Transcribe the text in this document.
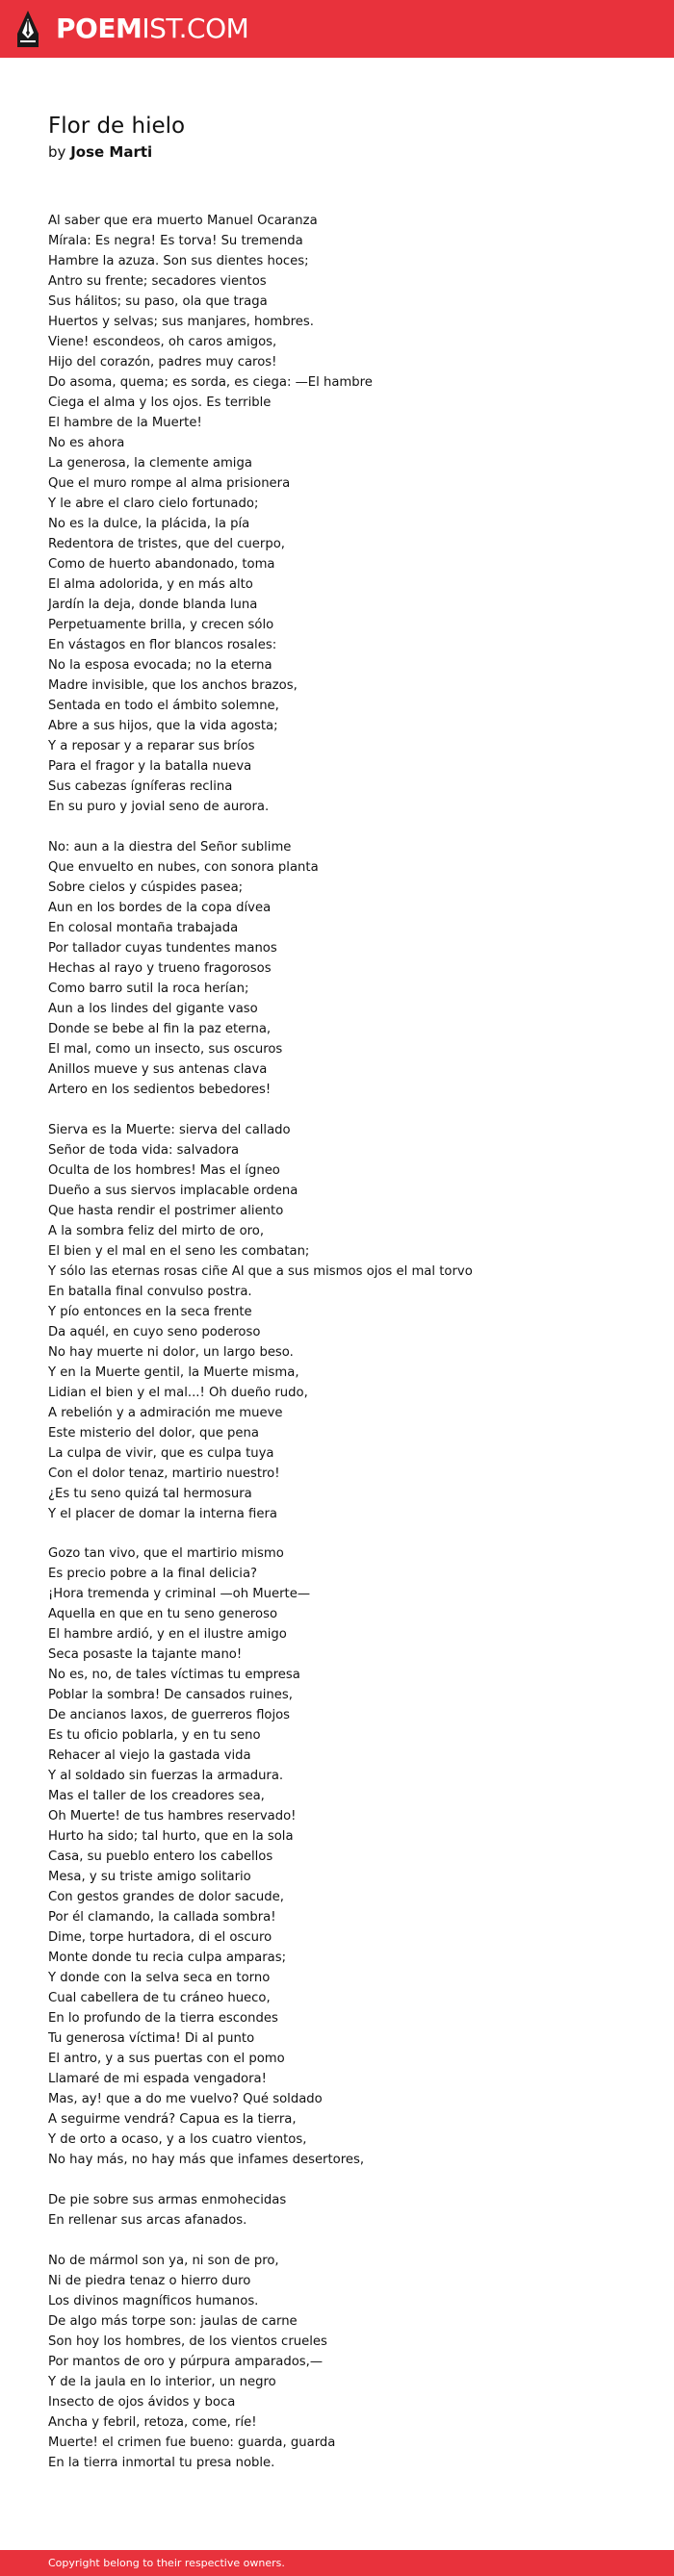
POEMIST.COM
Flor de hielo
by Jose Marti
Al saber que era muerto Manuel Ocaranza
Mírala: Es negra! Es torva! Su tremenda
Hambre la azuza. Son sus dientes hoces;
Antro su frente; secadores vientos
Sus hálitos; su paso, ola que traga
Huertos y selvas; sus manjares, hombres.
Viene! escondeos, oh caros amigos,
Hijo del corazón, padres muy caros!
Do asoma, quema; es sorda, es ciega: —El hambre
Ciega el alma y los ojos. Es terrible
El hambre de la Muerte!
No es ahora
La generosa, la clemente amiga
Que el muro rompe al alma prisionera
Y le abre el claro cielo fortunado;
No es la dulce, la plácida, la pía
Redentora de tristes, que del cuerpo,
Como de huerto abandonado, toma
El alma adolorida, y en más alto
Jardín la deja, donde blanda luna
Perpetuamente brilla, y crecen sólo
En vástagos en flor blancos rosales:
No la esposa evocada; no la eterna
Madre invisible, que los anchos brazos,
Sentada en todo el ámbito solemne,
Abre a sus hijos, que la vida agosta;
Y a reposar y a reparar sus bríos
Para el fragor y la batalla nueva
Sus cabezas ígníferas reclina
En su puro y jovial seno de aurora.
No: aun a la diestra del Señor sublime
Que envuelto en nubes, con sonora planta
Sobre cielos y cúspides pasea;
Aun en los bordes de la copa dívea
En colosal montaña trabajada
Por tallador cuyas tundentes manos
Hechas al rayo y trueno fragorosos
Como barro sutil la roca herían;
Aun a los lindes del gigante vaso
Donde se bebe al fin la paz eterna,
El mal, como un insecto, sus oscuros
Anillos mueve y sus antenas clava
Artero en los sedientos bebedores!
Sierva es la Muerte: sierva del callado
Señor de toda vida: salvadora
Oculta de los hombres! Mas el ígneo
Dueño a sus siervos implacable ordena
Que hasta rendir el postrimer aliento
A la sombra feliz del mirto de oro,
El bien y el mal en el seno les combatan;
Y sólo las eternas rosas ciñe Al que a sus mismos ojos el mal torvo
En batalla final convulso postra.
Y pío entonces en la seca frente
Da aquél, en cuyo seno poderoso
No hay muerte ni dolor, un largo beso.
Y en la Muerte gentil, la Muerte misma,
Lidian el bien y el mal...! Oh dueño rudo,
A rebelión y a admiración me mueve
Este misterio del dolor, que pena
La culpa de vivir, que es culpa tuya
Con el dolor tenaz, martirio nuestro!
¿Es tu seno quizá tal hermosura
Y el placer de domar la interna fiera
Gozo tan vivo, que el martirio mismo
Es precio pobre a la final delicia?
¡Hora tremenda y criminal —oh Muerte—
Aquella en que en tu seno generoso
El hambre ardió, y en el ilustre amigo
Seca posaste la tajante mano!
No es, no, de tales víctimas tu empresa
Poblar la sombra! De cansados ruines,
De ancianos laxos, de guerreros flojos
Es tu oficio poblarla, y en tu seno
Rehacer al viejo la gastada vida
Y al soldado sin fuerzas la armadura.
Mas el taller de los creadores sea,
Oh Muerte! de tus hambres reservado!
Hurto ha sido; tal hurto, que en la sola
Casa, su pueblo entero los cabellos
Mesa, y su triste amigo solitario
Con gestos grandes de dolor sacude,
Por él clamando, la callada sombra!
Dime, torpe hurtadora, di el oscuro
Monte donde tu recia culpa amparas;
Y donde con la selva seca en torno
Cual cabellera de tu cráneo hueco,
En lo profundo de la tierra escondes
Tu generosa víctima! Di al punto
El antro, y a sus puertas con el pomo
Llamaré de mi espada vengadora!
Mas, ay! que a do me vuelvo? Qué soldado
A seguirme vendrá? Capua es la tierra,
Y de orto a ocaso, y a los cuatro vientos,
No hay más, no hay más que infames desertores,
De pie sobre sus armas enmohecidas
En rellenar sus arcas afanados.
No de mármol son ya, ni son de pro,
Ni de piedra tenaz o hierro duro
Los divinos magníficos humanos.
De algo más torpe son: jaulas de carne
Son hoy los hombres, de los vientos crueles
Por mantos de oro y púrpura amparados,—
Y de la jaula en lo interior, un negro
Insecto de ojos ávidos y boca
Ancha y febril, retoza, come, ríe!
Muerte! el crimen fue bueno: guarda, guarda
En la tierra inmortal tu presa noble.
Copyright belong to their respective owners.
